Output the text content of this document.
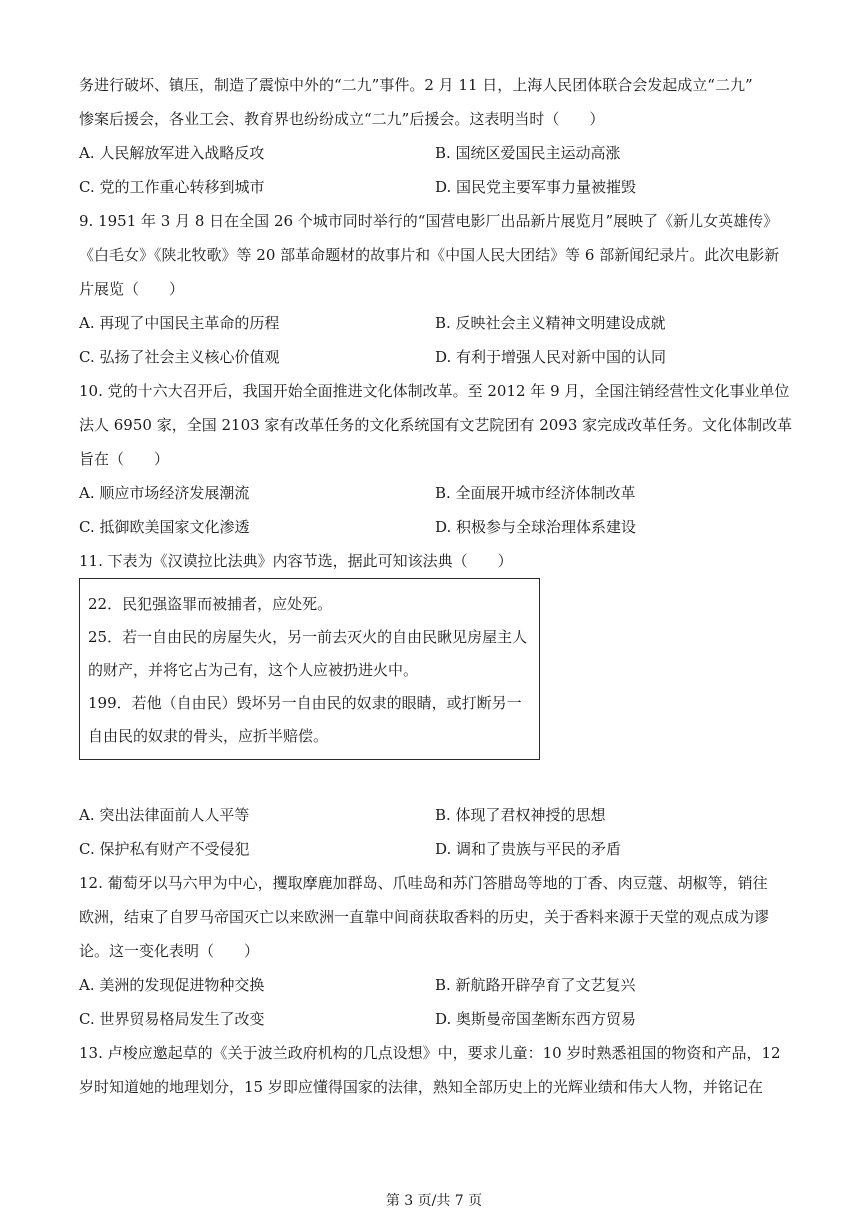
务进行破坏、镇压，制造了震惊中外的“二九”事件。2 月 11 日，上海人民团体联合会发起成立“二九”
惨案后援会，各业工会、教育界也纷纷成立“二九”后援会。这表明当时（　　）
A. 人民解放军进入战略反攻	B. 国统区爱国民主运动高涨
C. 党的工作重心转移到城市	D. 国民党主要军事力量被摧毁
9. 1951 年 3 月 8 日在全国 26 个城市同时举行的“国营电影厂出品新片展览月”展映了《新儿女英雄传》
《白毛女》《陕北牧歌》等 20 部革命题材的故事片和《中国人民大团结》等 6 部新闻纪录片。此次电影新
片展览（　　）
A. 再现了中国民主革命的历程	B. 反映社会主义精神文明建设成就
C. 弘扬了社会主义核心价值观	D. 有利于增强人民对新中国的认同
10. 党的十六大召开后，我国开始全面推进文化体制改革。至 2012 年 9 月，全国注销经营性文化事业单位
法人 6950 家，全国 2103 家有改革任务的文化系统国有文艺院团有 2093 家完成改革任务。文化体制改革
旨在（　　）
A. 顺应市场经济发展潮流	B. 全面展开城市经济体制改革
C. 抵御欧美国家文化渗透	D. 积极参与全球治理体系建设
11. 下表为《汉谟拉比法典》内容节选，据此可知该法典（　　）
22．民犯强盗罪而被捕者，应处死。
25．若一自由民的房屋失火，另一前去灭火的自由民瞅见房屋主人
的财产，并将它占为己有，这个人应被扔进火中。
199．若他（自由民）毁坏另一自由民的奴隶的眼睛，或打断另一
自由民的奴隶的骨头，应折半赔偿。
A. 突出法律面前人人平等	B. 体现了君权神授的思想
C. 保护私有财产不受侵犯	D. 调和了贵族与平民的矛盾
12. 葡萄牙以马六甲为中心，攫取摩鹿加群岛、爪哇岛和苏门答腊岛等地的丁香、肉豆蔻、胡椒等，销往
欧洲，结束了自罗马帝国灭亡以来欧洲一直靠中间商获取香料的历史，关于香料来源于天堂的观点成为谬
论。这一变化表明（　　）
A. 美洲的发现促进物种交换	B. 新航路开辟孕育了文艺复兴
C. 世界贸易格局发生了改变	D. 奥斯曼帝国垄断东西方贸易
13. 卢梭应邀起草的《关于波兰政府机构的几点设想》中，要求儿童：10 岁时熟悉祖国的物资和产品，12
岁时知道她的地理划分，15 岁即应懂得国家的法律，熟知全部历史上的光辉业绩和伟大人物，并铭记在
第 3 页/共 7 页
